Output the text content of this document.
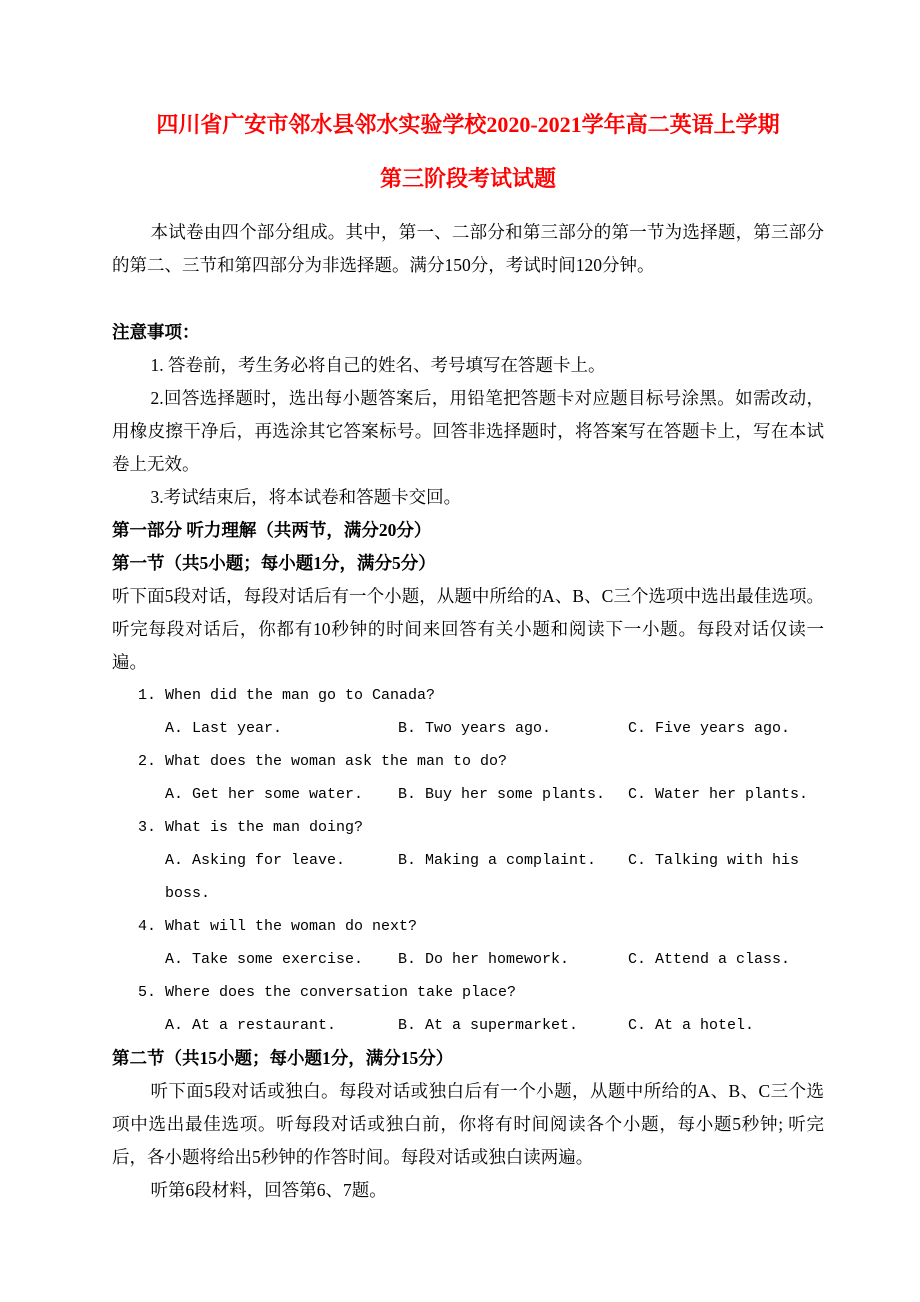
四川省广安市邻水县邻水实验学校2020-2021学年高二英语上学期
第三阶段考试试题

本试卷由四个部分组成。其中，第一、二部分和第三部分的第一节为选择题，第三部分的第二、三节和第四部分为非选择题。满分150分，考试时间120分钟。

注意事项：

1. 答卷前，考生务必将自己的姓名、考号填写在答题卡上。

2.回答选择题时，选出每小题答案后，用铅笔把答题卡对应题目标号涂黑。如需改动，用橡皮擦干净后，再选涂其它答案标号。回答非选择题时，将答案写在答题卡上，写在本试卷上无效。

3.考试结束后，将本试卷和答题卡交回。

第一部分 听力理解（共两节，满分20分）

第一节（共5小题；每小题1分，满分5分）

听下面5段对话，每段对话后有一个小题，从题中所给的A、B、C三个选项中选出最佳选项。听完每段对话后，你都有10秒钟的时间来回答有关小题和阅读下一小题。每段对话仅读一遍。

1. When did the man go to Canada?

A. Last year.	B. Two years ago.	C. Five years ago.

2. What does the woman ask the man to do?

A. Get her some water. B. Buy her some plants. C. Water her plants.

3. What is the man doing?

A. Asking for leave.	B. Making a complaint. C. Talking with his boss.

4. What will the woman do next?

A. Take some exercise. B. Do her homework.	C. Attend a class.

5. Where does the conversation take place?

A. At a restaurant.	B. At a supermarket.	C. At a hotel.

第二节（共15小题；每小题1分，满分15分）

听下面5段对话或独白。每段对话或独白后有一个小题，从题中所给的A、B、C三个选项中选出最佳选项。听每段对话或独白前，你将有时间阅读各个小题，每小题5秒钟; 听完后，各小题将给出5秒钟的作答时间。每段对话或独白读两遍。

听第6段材料，回答第6、7题。
